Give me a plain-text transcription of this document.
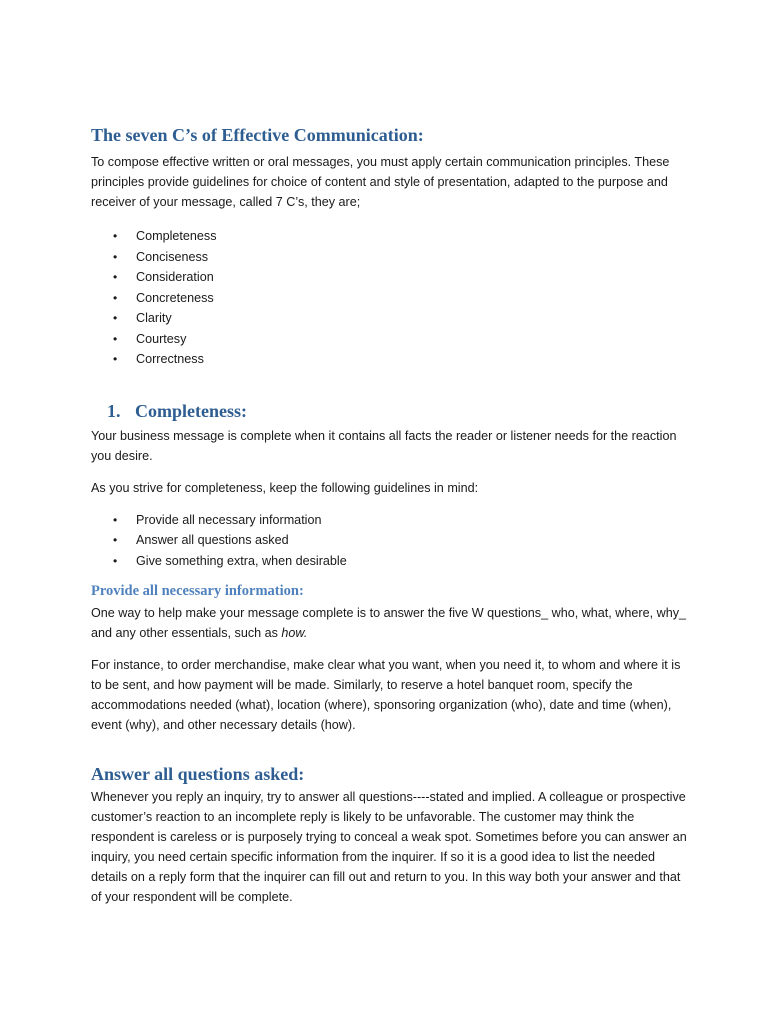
The seven C’s of Effective Communication:

To compose effective written or oral messages, you must apply certain communication principles. These principles provide guidelines for choice of content and style of presentation, adapted to the purpose and receiver of your message, called 7 C’s, they are;

• Completeness
• Conciseness
• Consideration
• Concreteness
• Clarity
• Courtesy
• Correctness
1. Completeness:

Your business message is complete when it contains all facts the reader or listener needs for the reaction you desire.

As you strive for completeness, keep the following guidelines in mind:

• Provide all necessary information
• Answer all questions asked
• Give something extra, when desirable
Provide all necessary information:

One way to help make your message complete is to answer the five W questions_ who, what, where, why_ and any other essentials, such as how.

For instance, to order merchandise, make clear what you want, when you need it, to whom and where it is to be sent, and how payment will be made. Similarly, to reserve a hotel banquet room, specify the accommodations needed (what), location (where), sponsoring organization (who), date and time (when), event (why), and other necessary details (how).

Answer all questions asked:

Whenever you reply an inquiry, try to answer all questions----stated and implied. A colleague or prospective customer’s reaction to an incomplete reply is likely to be unfavorable. The customer may think the respondent is careless or is purposely trying to conceal a weak spot. Sometimes before you can answer an inquiry, you need certain specific information from the inquirer. If so it is a good idea to list the needed details on a reply form that the inquirer can fill out and return to you. In this way both your answer and that of your respondent will be complete.
